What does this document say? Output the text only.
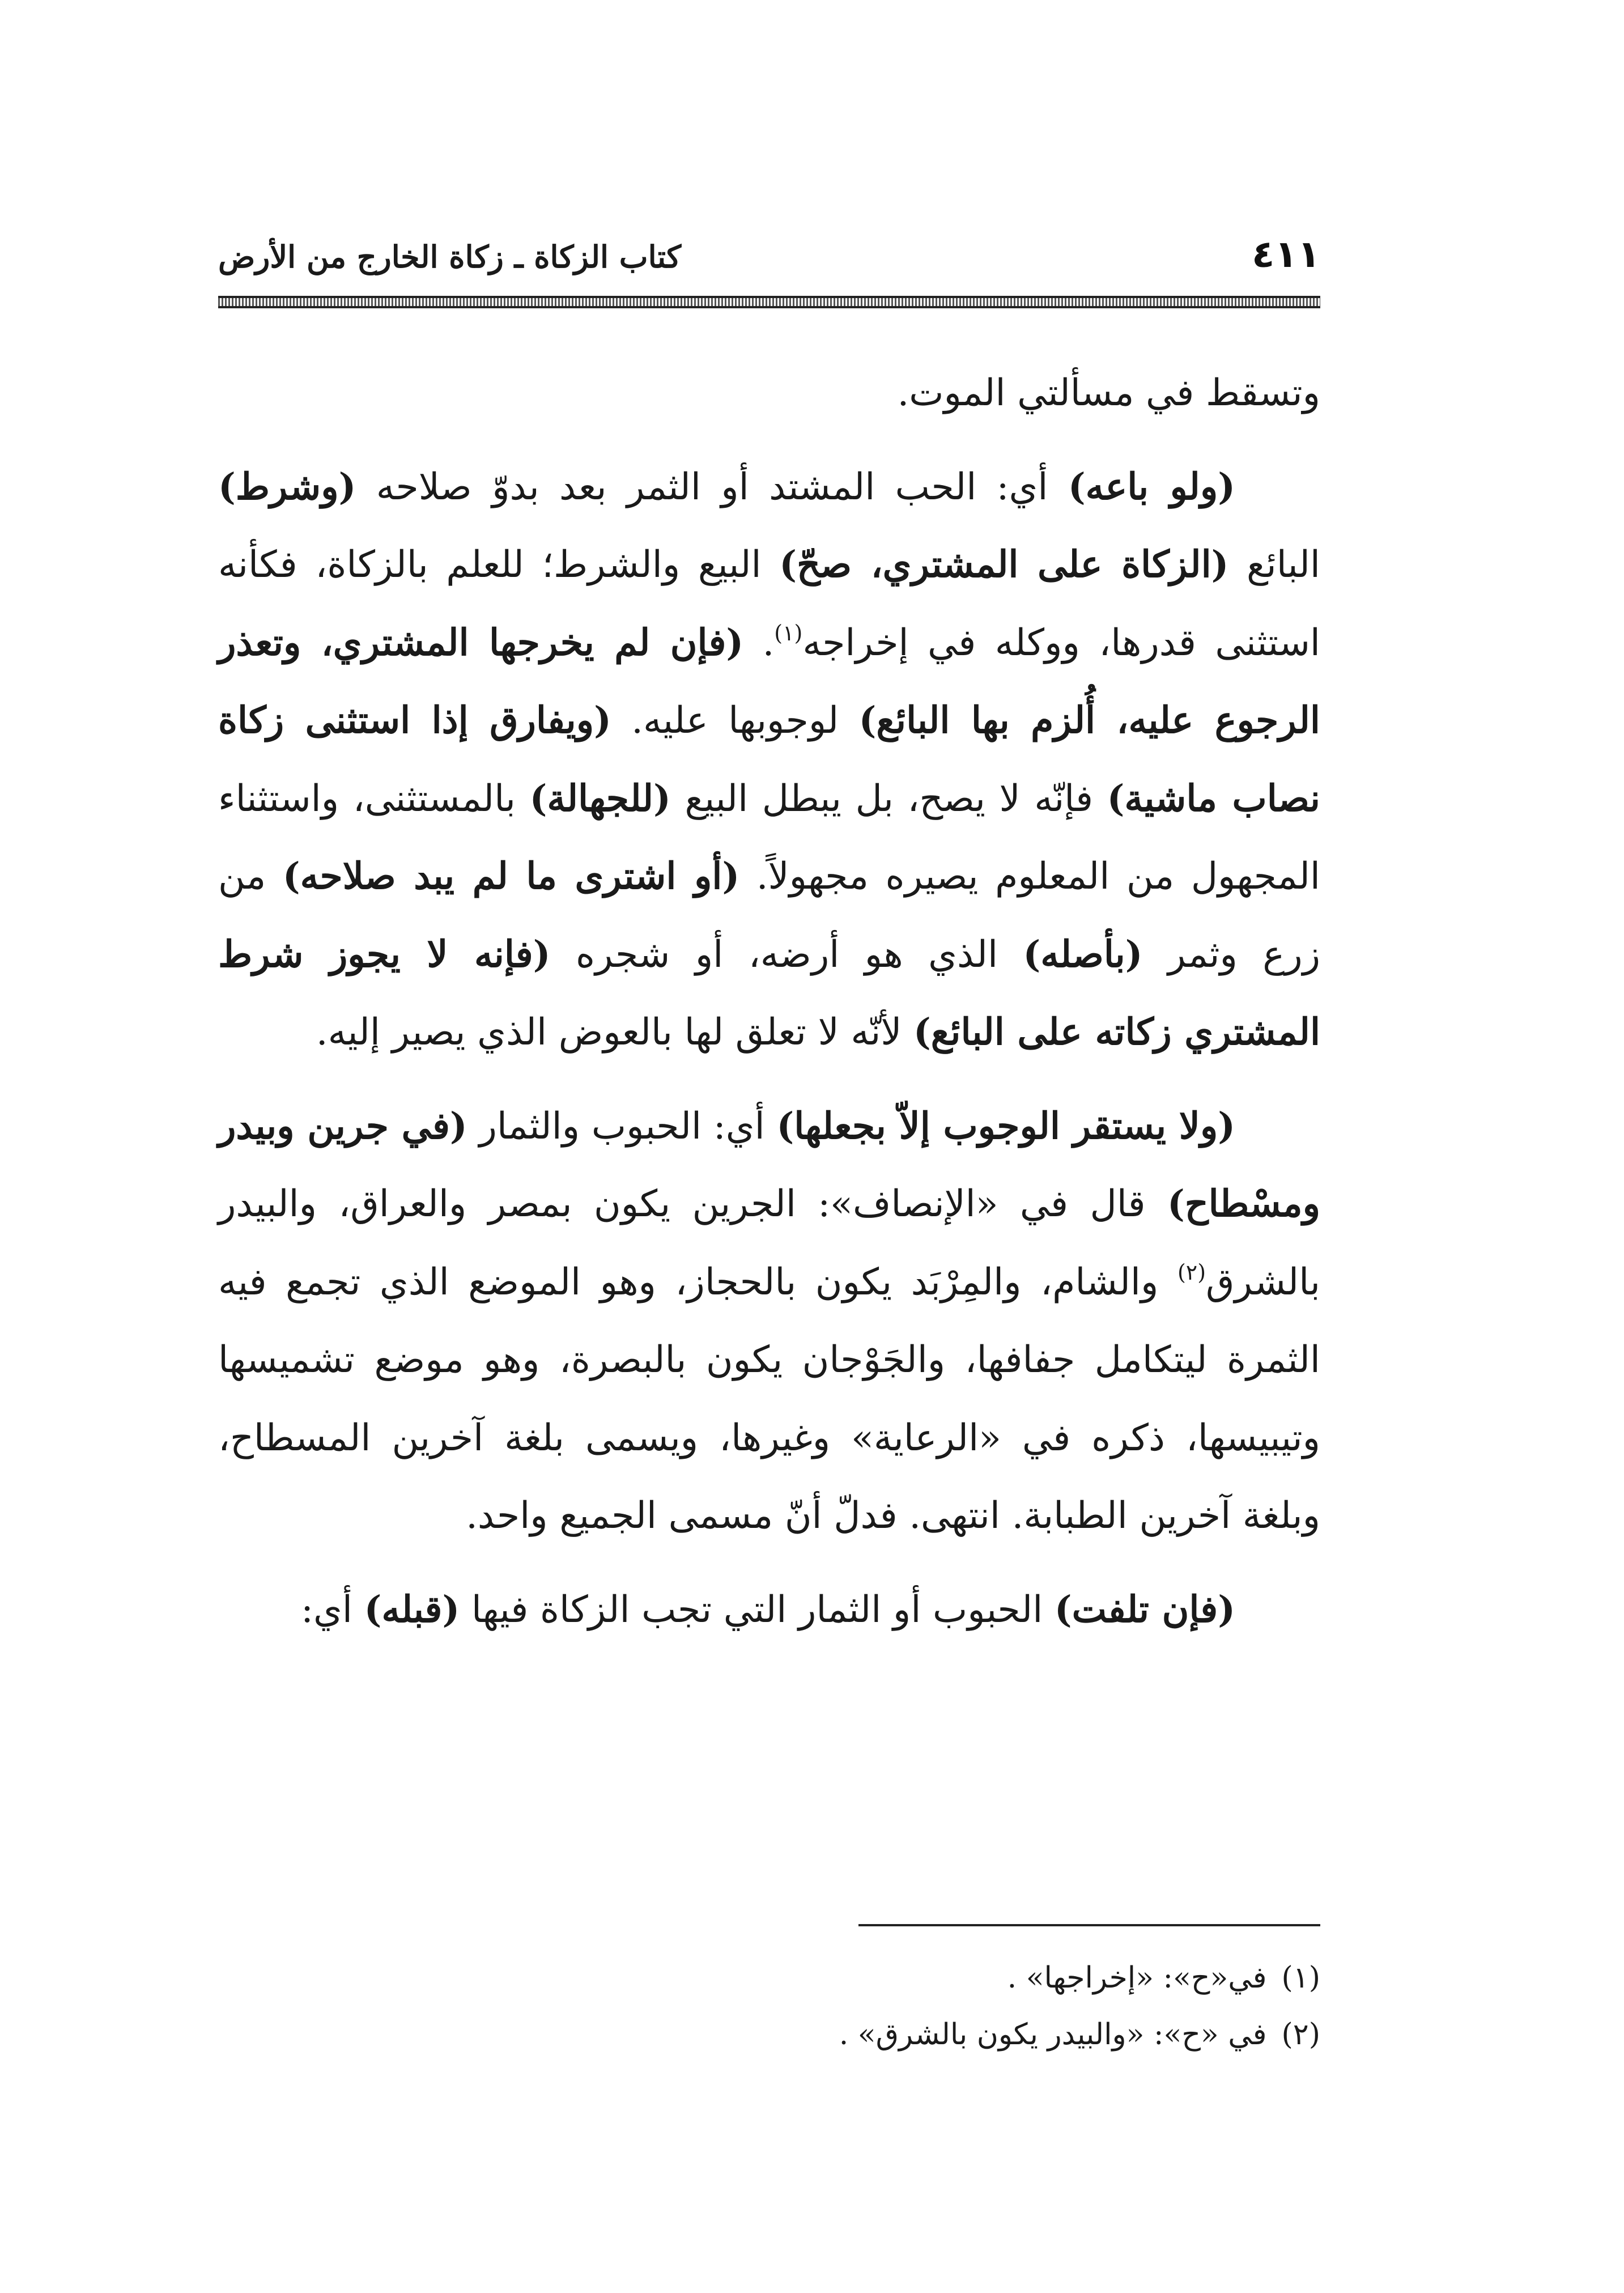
٤١١
كتاب الزكاة ـ زكاة الخارج من الأرض

وتسقط في مسألتي الموت.

(ولو باعه) أي: الحب المشتد أو الثمر بعد بدوّ صلاحه (وشرط) البائع (الزكاة على المشتري، صحّ) البيع والشرط؛ للعلم بالزكاة، فكأنه استثنى قدرها، ووكله في إخراجه$^{(١)}$. (فإن لم يخرجها المشتري، وتعذر الرجوع عليه، أُلزم بها البائع) لوجوبها عليه. (ويفارق إذا استثنى زكاة نصاب ماشية) فإنّه لا يصح، بل يبطل البيع (للجهالة) بالمستثنى، واستثناء المجهول من المعلوم يصيره مجهولاً. (أو اشترى ما لم يبد صلاحه) من زرع وثمر (بأصله) الذي هو أرضه، أو شجره (فإنه لا يجوز شرط المشتري زكاته على البائع) لأنّه لا تعلق لها بالعوض الذي يصير إليه.

(ولا يستقر الوجوب إلاّ بجعلها) أي: الحبوب والثمار (في جرين وبيدر ومسْطاح) قال في «الإنصاف»: الجرين يكون بمصر والعراق، والبيدر بالشرق$^{(٢)}$ والشام، والمِرْبَد يكون بالحجاز، وهو الموضع الذي تجمع فيه الثمرة ليتكامل جفافها، والجَوْجان يكون بالبصرة، وهو موضع تشميسها وتيبيسها، ذكره في «الرعاية» وغيرها، ويسمى بلغة آخرين المسطاح، وبلغة آخرين الطبابة. انتهى. فدلّ أنّ مسمى الجميع واحد.

(فإن تلفت) الحبوب أو الثمار التي تجب الزكاة فيها (قبله) أي:

(١)في«ح»: «إخراجها» .

(٢)في «ح»: «والبيدر يكون بالشرق» .
